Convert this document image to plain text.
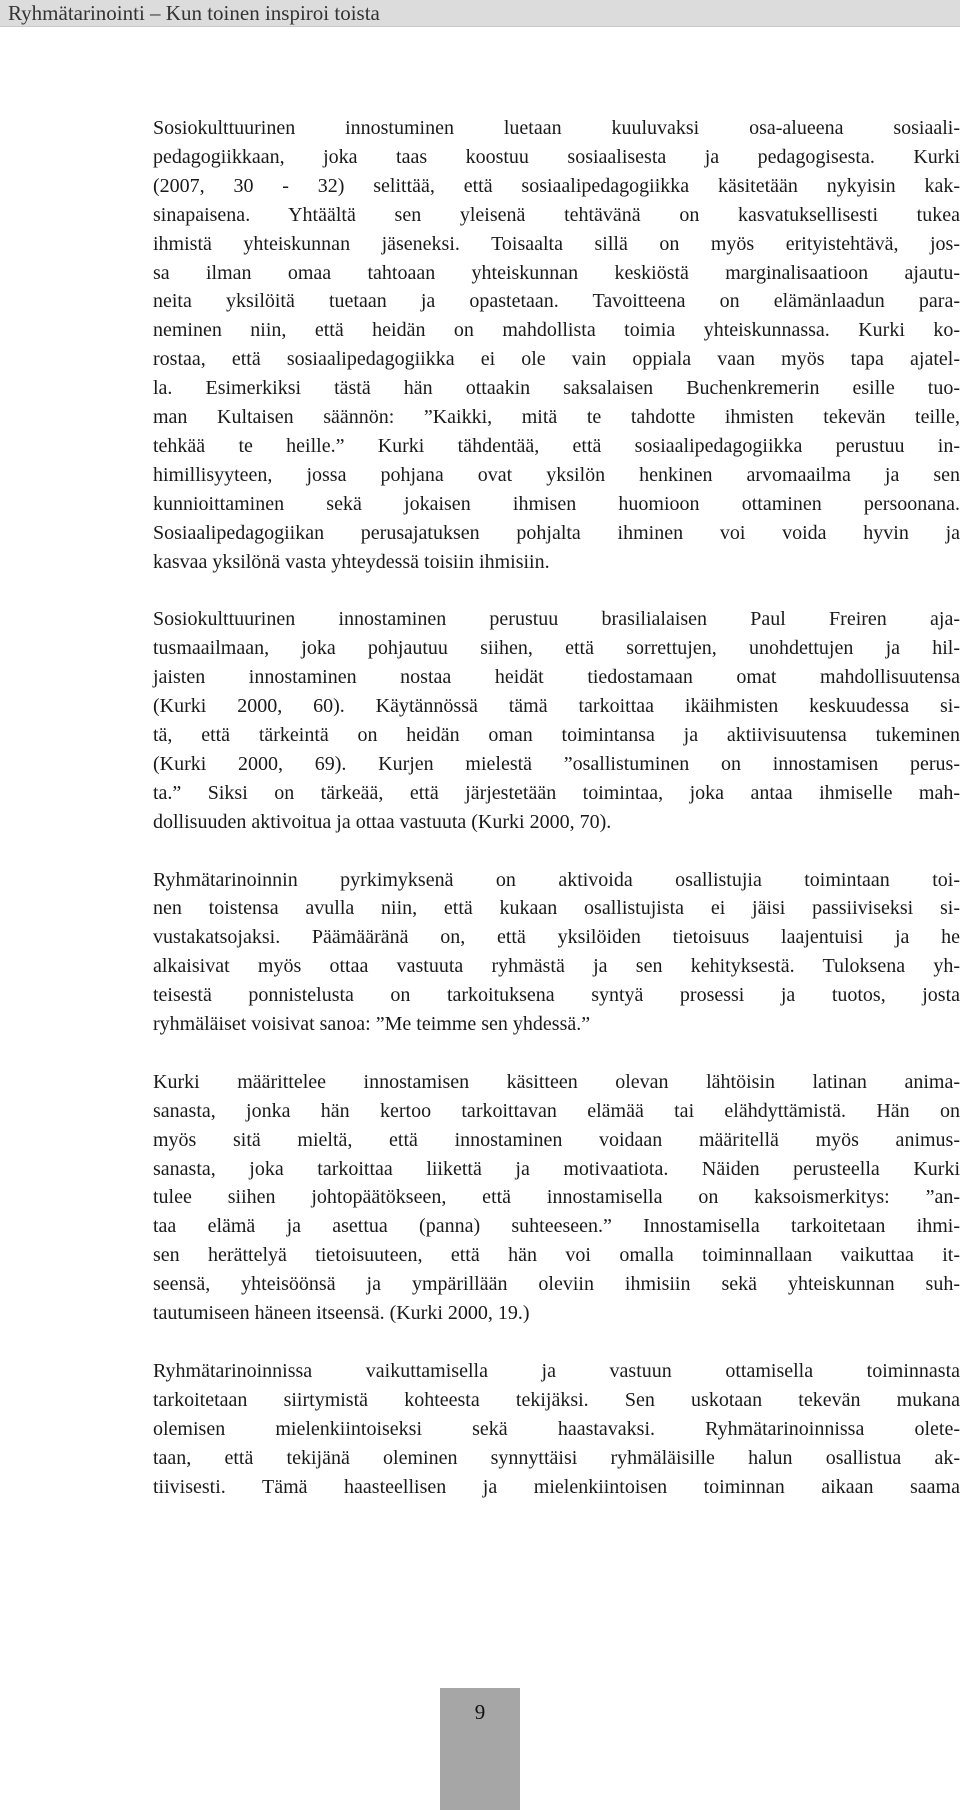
Ryhmätarinointi – Kun toinen inspiroi toista
Sosiokulttuurinen innostuminen luetaan kuuluvaksi osa-alueena sosiaali-
pedagogiikkaan, joka taas koostuu sosiaalisesta ja pedagogisesta. Kurki
(2007, 30 - 32) selittää, että sosiaalipedagogiikka käsitetään nykyisin kak-
sinapaisena. Yhtäältä sen yleisenä tehtävänä on kasvatuksellisesti tukea
ihmistä yhteiskunnan jäseneksi. Toisaalta sillä on myös erityistehtävä, jos-
sa ilman omaa tahtoaan yhteiskunnan keskiöstä marginalisaatioon ajautu-
neita yksilöitä tuetaan ja opastetaan. Tavoitteena on elämänlaadun para-
neminen niin, että heidän on mahdollista toimia yhteiskunnassa. Kurki ko-
rostaa, että sosiaalipedagogiikka ei ole vain oppiala vaan myös tapa ajatel-
la. Esimerkiksi tästä hän ottaakin saksalaisen Buchenkremerin esille tuo-
man Kultaisen säännön: ”Kaikki, mitä te tahdotte ihmisten tekevän teille,
tehkää te heille.” Kurki tähdentää, että sosiaalipedagogiikka perustuu in-
himillisyyteen, jossa pohjana ovat yksilön henkinen arvomaailma ja sen
kunnioittaminen sekä jokaisen ihmisen huomioon ottaminen persoonana.
Sosiaalipedagogiikan perusajatuksen pohjalta ihminen voi voida hyvin ja
kasvaa yksilönä vasta yhteydessä toisiin ihmisiin.
Sosiokulttuurinen innostaminen perustuu brasilialaisen Paul Freiren aja-
tusmaailmaan, joka pohjautuu siihen, että sorrettujen, unohdettujen ja hil-
jaisten innostaminen nostaa heidät tiedostamaan omat mahdollisuutensa
(Kurki 2000, 60). Käytännössä tämä tarkoittaa ikäihmisten keskuudessa si-
tä, että tärkeintä on heidän oman toimintansa ja aktiivisuutensa tukeminen
(Kurki 2000, 69). Kurjen mielestä ”osallistuminen on innostamisen perus-
ta.” Siksi on tärkeää, että järjestetään toimintaa, joka antaa ihmiselle mah-
dollisuuden aktivoitua ja ottaa vastuuta (Kurki 2000, 70).
Ryhmätarinoinnin pyrkimyksenä on aktivoida osallistujia toimintaan toi-
nen toistensa avulla niin, että kukaan osallistujista ei jäisi passiiviseksi si-
vustakatsojaksi. Päämääränä on, että yksilöiden tietoisuus laajentuisi ja he
alkaisivat myös ottaa vastuuta ryhmästä ja sen kehityksestä. Tuloksena yh-
teisestä ponnistelusta on tarkoituksena syntyä prosessi ja tuotos, josta
ryhmäläiset voisivat sanoa: ”Me teimme sen yhdessä.”
Kurki määrittelee innostamisen käsitteen olevan lähtöisin latinan anima-
sanasta, jonka hän kertoo tarkoittavan elämää tai elähdyttämistä. Hän on
myös sitä mieltä, että innostaminen voidaan määritellä myös animus-
sanasta, joka tarkoittaa liikettä ja motivaatiota. Näiden perusteella Kurki
tulee siihen johtopäätökseen, että innostamisella on kaksoismerkitys: ”an-
taa elämä ja asettua (panna) suhteeseen.” Innostamisella tarkoitetaan ihmi-
sen herättelyä tietoisuuteen, että hän voi omalla toiminnallaan vaikuttaa it-
seensä, yhteisöönsä ja ympärillään oleviin ihmisiin sekä yhteiskunnan suh-
tautumiseen häneen itseensä. (Kurki 2000, 19.)
Ryhmätarinoinnissa vaikuttamisella ja vastuun ottamisella toiminnasta
tarkoitetaan siirtymistä kohteesta tekijäksi. Sen uskotaan tekevän mukana
olemisen mielenkiintoiseksi sekä haastavaksi. Ryhmätarinoinnissa olete-
taan, että tekijänä oleminen synnyttäisi ryhmäläisille halun osallistua ak-
tiivisesti. Tämä haasteellisen ja mielenkiintoisen toiminnan aikaan saama
9
